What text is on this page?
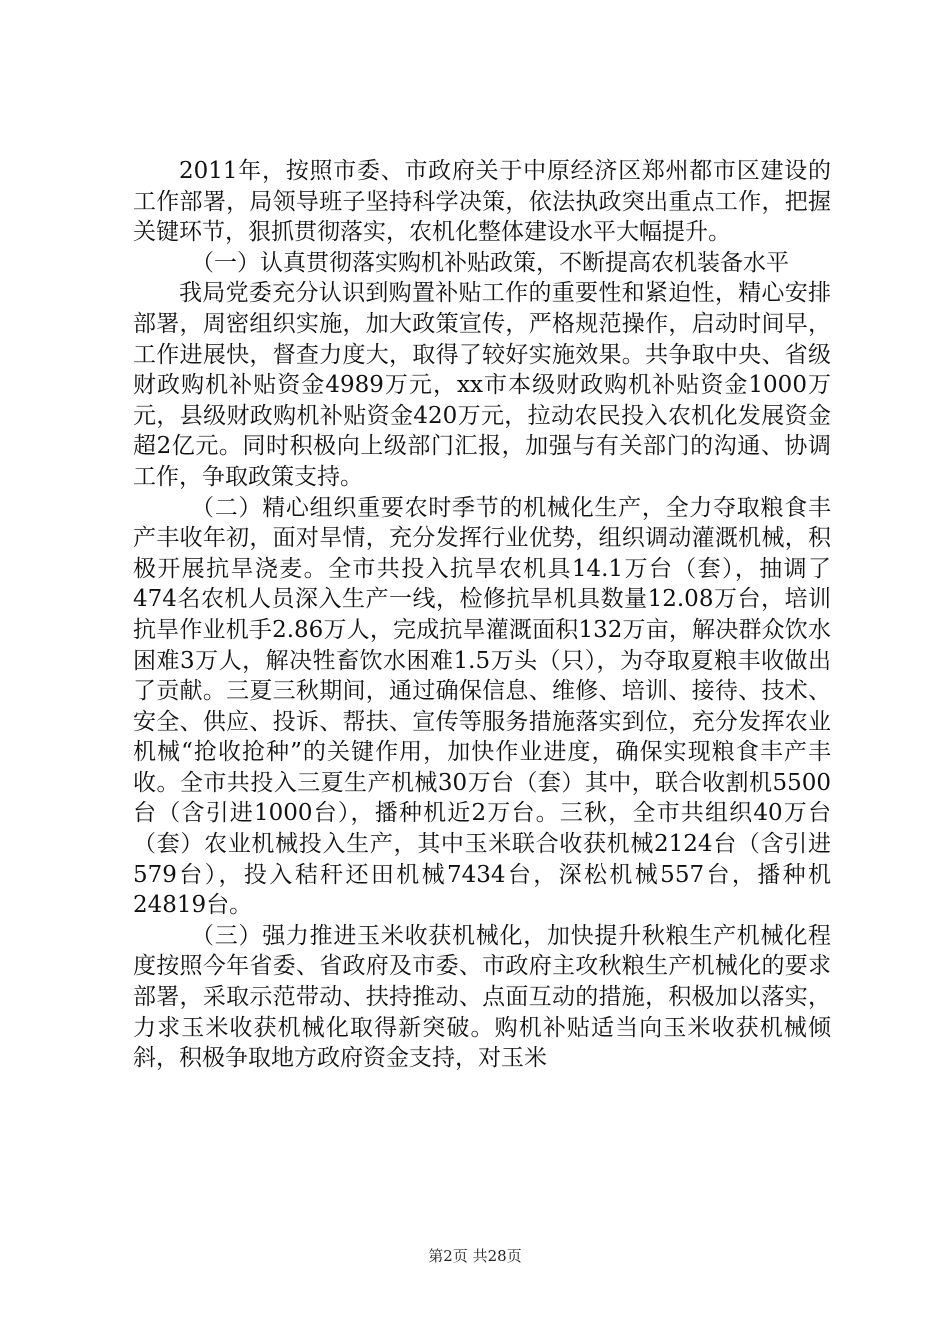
2011年，按照市委、市政府关于中原经济区郑州都市区建设的工作部署，局领导班子坚持科学决策，依法执政突出重点工作，把握关键环节，狠抓贯彻落实，农机化整体建设水平大幅提升。

（一）认真贯彻落实购机补贴政策，不断提高农机装备水平

我局党委充分认识到购置补贴工作的重要性和紧迫性，精心安排部署，周密组织实施，加大政策宣传，严格规范操作，启动时间早，工作进展快，督查力度大，取得了较好实施效果。共争取中央、省级财政购机补贴资金4989万元，xx市本级财政购机补贴资金1000万元，县级财政购机补贴资金420万元，拉动农民投入农机化发展资金超2亿元。同时积极向上级部门汇报，加强与有关部门的沟通、协调工作，争取政策支持。

（二）精心组织重要农时季节的机械化生产，全力夺取粮食丰产丰收年初，面对旱情，充分发挥行业优势，组织调动灌溉机械，积极开展抗旱浇麦。全市共投入抗旱农机具14.1万台（套），抽调了474名农机人员深入生产一线，检修抗旱机具数量12.08万台，培训抗旱作业机手2.86万人，完成抗旱灌溉面积132万亩，解决群众饮水困难3万人，解决牲畜饮水困难1.5万头（只），为夺取夏粮丰收做出了贡献。三夏三秋期间，通过确保信息、维修、培训、接待、技术、安全、供应、投诉、帮扶、宣传等服务措施落实到位，充分发挥农业机械“抢收抢种”的关键作用，加快作业进度，确保实现粮食丰产丰收。全市共投入三夏生产机械30万台（套）其中，联合收割机5500台（含引进1000台），播种机近2万台。三秋，全市共组织40万台（套）农业机械投入生产，其中玉米联合收获机械2124台（含引进579台），投入秸秆还田机械7434台，深松机械557台，播种机24819台。

（三）强力推进玉米收获机械化，加快提升秋粮生产机械化程度按照今年省委、省政府及市委、市政府主攻秋粮生产机械化的要求部署，采取示范带动、扶持推动、点面互动的措施，积极加以落实，力求玉米收获机械化取得新突破。购机补贴适当向玉米收获机械倾斜，积极争取地方政府资金支持，对玉米

第2页 共28页
